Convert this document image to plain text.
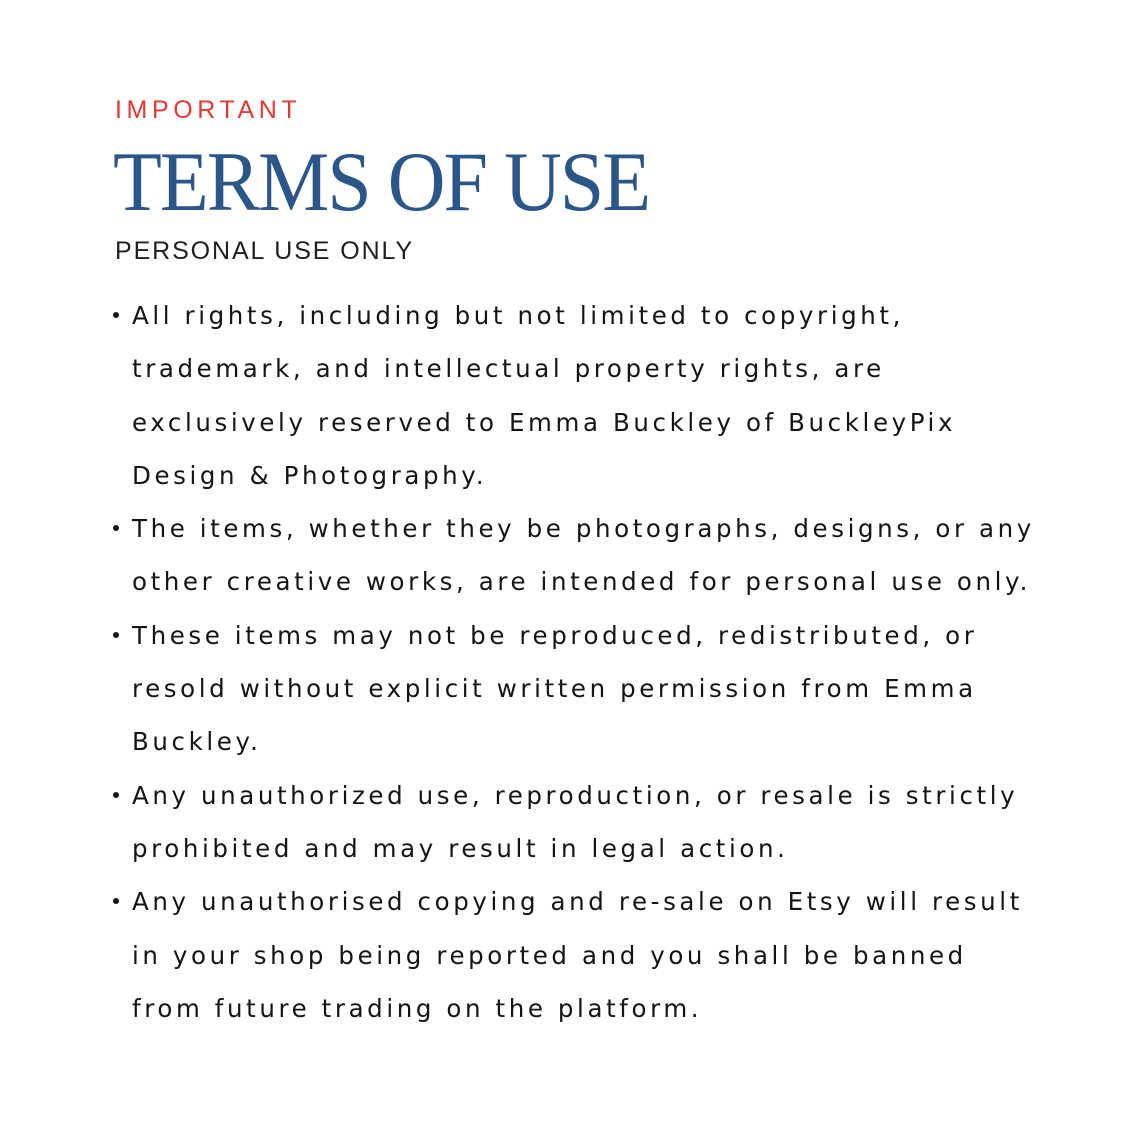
IMPORTANT
TERMS OF USE
PERSONAL USE ONLY
All rights, including but not limited to copyright,
trademark, and intellectual property rights, are
exclusively reserved to Emma Buckley of BuckleyPix
Design & Photography.
The items, whether they be photographs, designs, or any
other creative works, are intended for personal use only.
These items may not be reproduced, redistributed, or
resold without explicit written permission from Emma
Buckley.
Any unauthorized use, reproduction, or resale is strictly
prohibited and may result in legal action.
Any unauthorised copying and re-sale on Etsy will result
in your shop being reported and you shall be banned
from future trading on the platform.
